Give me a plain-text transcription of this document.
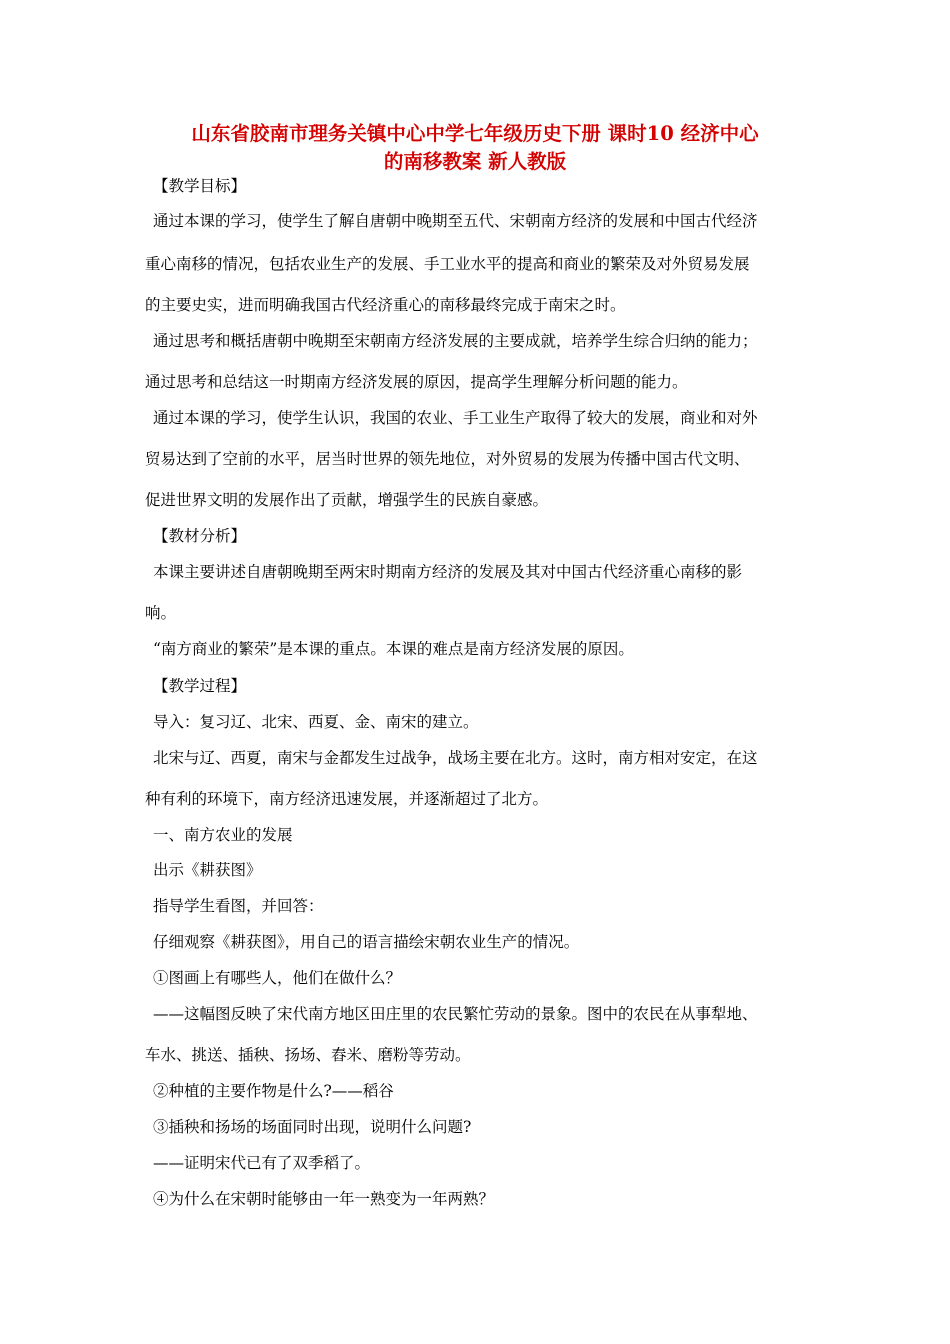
山东省胶南市理务关镇中心中学七年级历史下册 课时10 经济中心
的南移教案 新人教版
【教学目标】
通过本课的学习，使学生了解自唐朝中晚期至五代、宋朝南方经济的发展和中国古代经济
重心南移的情况，包括农业生产的发展、手工业水平的提高和商业的繁荣及对外贸易发展
的主要史实，进而明确我国古代经济重心的南移最终完成于南宋之时。
通过思考和概括唐朝中晚期至宋朝南方经济发展的主要成就，培养学生综合归纳的能力；
通过思考和总结这一时期南方经济发展的原因，提高学生理解分析问题的能力。
通过本课的学习，使学生认识，我国的农业、手工业生产取得了较大的发展，商业和对外
贸易达到了空前的水平，居当时世界的领先地位，对外贸易的发展为传播中国古代文明、
促进世界文明的发展作出了贡献，增强学生的民族自豪感。
【教材分析】
本课主要讲述自唐朝晚期至两宋时期南方经济的发展及其对中国古代经济重心南移的影
响。
“南方商业的繁荣”是本课的重点。本课的难点是南方经济发展的原因。
【教学过程】
导入：复习辽、北宋、西夏、金、南宋的建立。
北宋与辽、西夏，南宋与金都发生过战争，战场主要在北方。这时，南方相对安定，在这
种有利的环境下，南方经济迅速发展，并逐渐超过了北方。
一、南方农业的发展
出示《耕获图》
指导学生看图，并回答：
仔细观察《耕获图》，用自己的语言描绘宋朝农业生产的情况。
①图画上有哪些人，他们在做什么？
——这幅图反映了宋代南方地区田庄里的农民繁忙劳动的景象。图中的农民在从事犁地、
车水、挑送、插秧、扬场、舂米、磨粉等劳动。
②种植的主要作物是什么?——稻谷
③插秧和扬场的场面同时出现，说明什么问题?
——证明宋代已有了双季稻了。
④为什么在宋朝时能够由一年一熟变为一年两熟？
